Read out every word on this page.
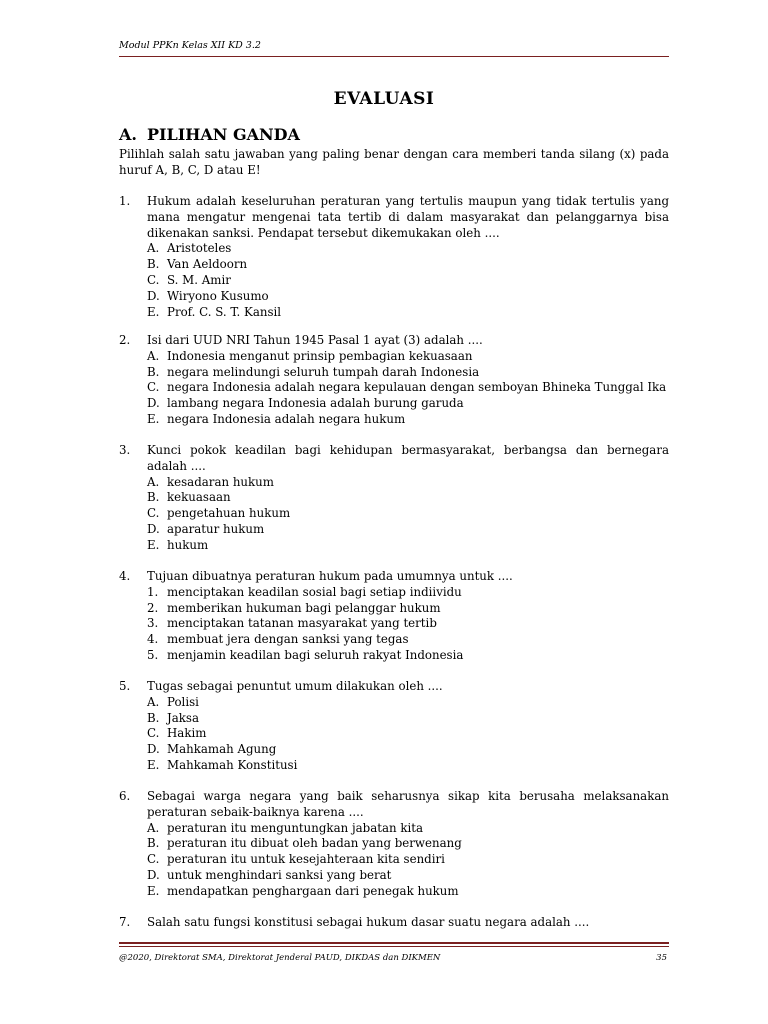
Modul PPKn Kelas XII KD 3.2
EVALUASI
A. PILIHAN GANDA
Pilihlah salah satu jawaban yang paling benar dengan cara memberi tanda silang (x) pada huruf A, B, C, D atau E!
1. Hukum adalah keseluruhan peraturan yang tertulis maupun yang tidak tertulis yang mana mengatur mengenai tata tertib di dalam masyarakat dan pelanggarnya bisa dikenakan sanksi. Pendapat tersebut dikemukakan oleh ....
A. Aristoteles
B. Van Aeldoorn
C. S. M. Amir
D. Wiryono Kusumo
E. Prof. C. S. T. Kansil
2. Isi dari UUD NRI Tahun 1945 Pasal 1 ayat (3) adalah ....
A. Indonesia menganut prinsip pembagian kekuasaan
B. negara melindungi seluruh tumpah darah Indonesia
C. negara Indonesia adalah negara kepulauan dengan semboyan Bhineka Tunggal Ika
D. lambang negara Indonesia adalah burung garuda
E. negara Indonesia adalah negara hukum
3. Kunci pokok keadilan bagi kehidupan bermasyarakat, berbangsa dan bernegara adalah ....
A. kesadaran hukum
B. kekuasaan
C. pengetahuan hukum
D. aparatur hukum
E. hukum
4. Tujuan dibuatnya peraturan hukum pada umumnya untuk ....
1. menciptakan keadilan sosial bagi setiap indiividu
2. memberikan hukuman bagi pelanggar hukum
3. menciptakan tatanan masyarakat yang tertib
4. membuat jera dengan sanksi yang tegas
5. menjamin keadilan bagi seluruh rakyat Indonesia
5. Tugas sebagai penuntut umum dilakukan oleh ....
A. Polisi
B. Jaksa
C. Hakim
D. Mahkamah Agung
E. Mahkamah Konstitusi
6. Sebagai warga negara yang baik seharusnya sikap kita berusaha melaksanakan peraturan sebaik-baiknya karena ....
A. peraturan itu menguntungkan jabatan kita
B. peraturan itu dibuat oleh badan yang berwenang
C. peraturan itu untuk kesejahteraan kita sendiri
D. untuk menghindari sanksi yang berat
E. mendapatkan penghargaan dari penegak hukum
7. Salah satu fungsi konstitusi sebagai hukum dasar suatu negara adalah ....
@2020, Direktorat SMA, Direktorat Jenderal PAUD, DIKDAS dan DIKMEN	35
